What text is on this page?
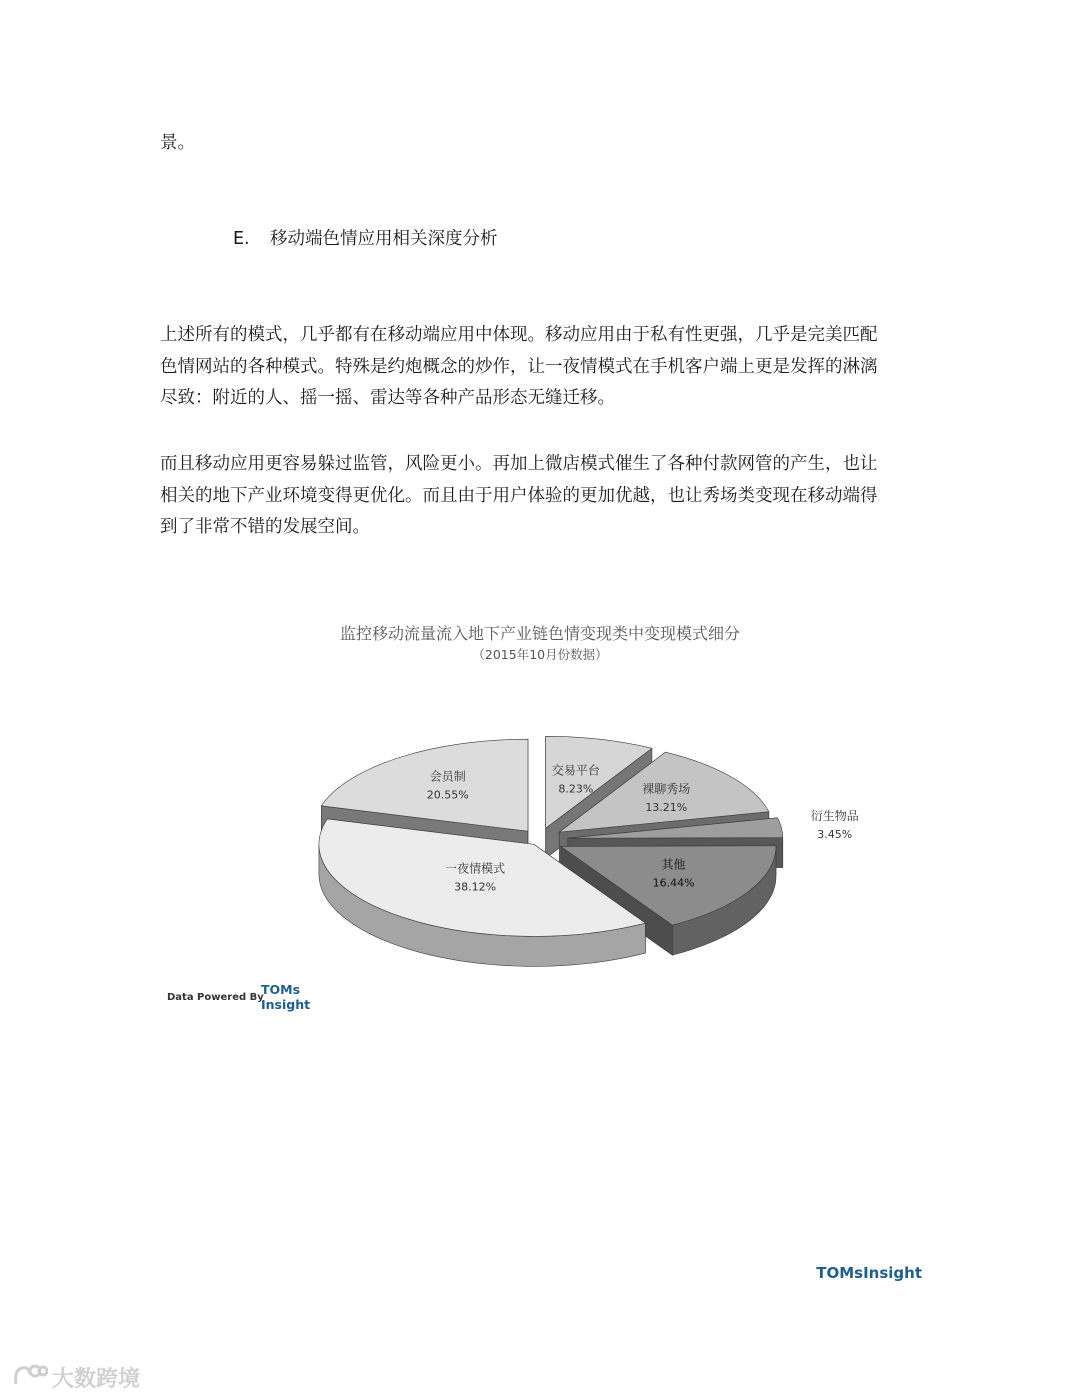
景。

E. 移动端色情应用相关深度分析

上述所有的模式，几乎都有在移动端应用中体现。移动应用由于私有性更强，几乎是完美匹配
色情网站的各种模式。特殊是约炮概念的炒作，让一夜情模式在手机客户端上更是发挥的淋漓
尽致：附近的人、摇一摇、雷达等各种产品形态无缝迁移。
而且移动应用更容易躲过监管，风险更小。再加上微店模式催生了各种付款网管的产生，也让
相关的地下产业环境变得更优化。而且由于用户体验的更加优越，也让秀场类变现在移动端得
到了非常不错的发展空间。

监控移动流量流入地下产业链色情变现类中变现模式细分

（2015年10月份数据）

交易平台
8.23%	裸聊秀场
13.21%
衍生物品
3.45%
其他
16.44%
一夜情模式
38.12%
会员制
20.55%
Data Powered By
TOMs
Insight
TOMsInsight
大数跨境
